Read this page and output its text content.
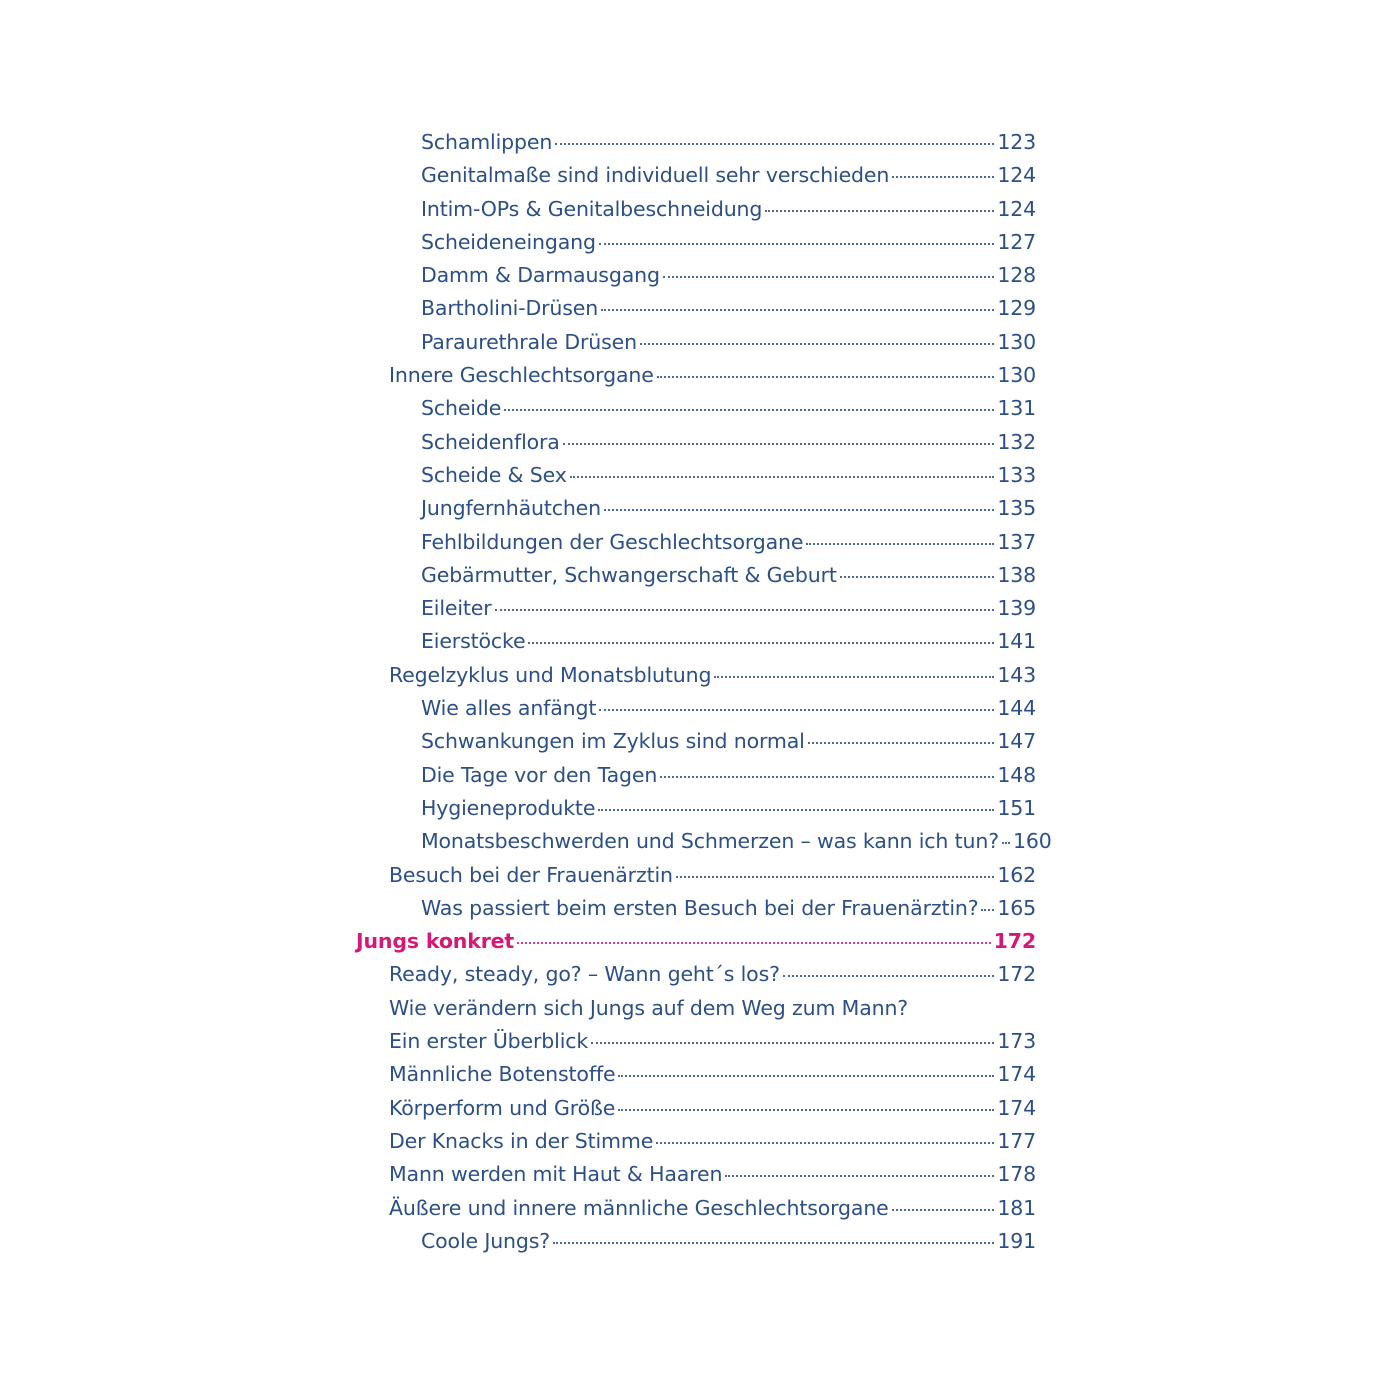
Schamlippen	123
Genitalmaße sind individuell sehr verschieden	124
Intim-OPs & Genitalbeschneidung	124
Scheideneingang	127
Damm & Darmausgang	128
Bartholini-Drüsen	129
Paraurethrale Drüsen	130
Innere Geschlechtsorgane	130
Scheide	131
Scheidenflora	132
Scheide & Sex	133
Jungfernhäutchen	135
Fehlbildungen der Geschlechtsorgane	137
Gebärmutter, Schwangerschaft & Geburt	138
Eileiter	139
Eierstöcke	141
Regelzyklus und Monatsblutung	143
Wie alles anfängt	144
Schwankungen im Zyklus sind normal	147
Die Tage vor den Tagen	148
Hygieneprodukte	151
Monatsbeschwerden und Schmerzen – was kann ich tun? 160
Besuch bei der Frauenärztin	162
Was passiert beim ersten Besuch bei der Frauenärztin? 165
Jungs konkret	172
Ready, steady, go? – Wann geht´s los?	172
Wie verändern sich Jungs auf dem Weg zum Mann?
Ein erster Überblick	173
Männliche Botenstoffe	174
Körperform und Größe	174
Der Knacks in der Stimme	177
Mann werden mit Haut & Haaren	178
Äußere und innere männliche Geschlechtsorgane	181
Coole Jungs?	191
